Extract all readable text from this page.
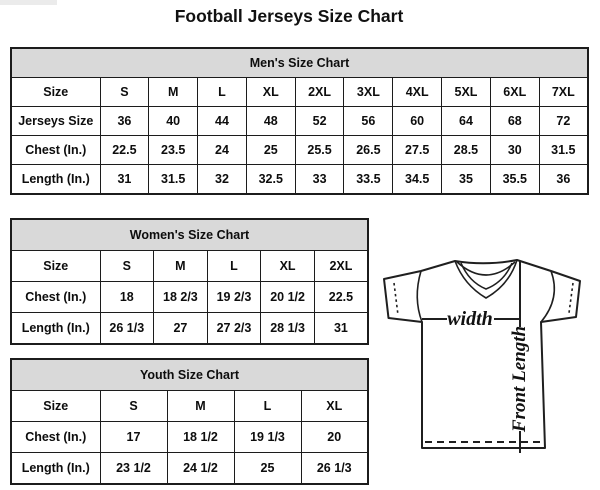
Football Jerseys Size Chart
Men's Size Chart										
Size	S	M	L	XL	2XL	3XL	4XL	5XL	6XL	7XL
Jerseys Size	36	40	44	48	52	56	60	64	68	72
Chest (In.)	22.5	23.5	24	25	25.5	26.5	27.5	28.5	30	31.5
Length (In.)	31	31.5	32	32.5	33	33.5	34.5	35	35.5	36
Women's Size Chart					
Size	S	M	L	XL	2XL
Chest (In.)	18	18 2/3	19 2/3	20 1/2	22.5
Length (In.)	26 1/3	27	27 2/3	28 1/3	31
Youth Size Chart				
Size	S	M	L	XL
Chest (In.)	17	18 1/2	19 1/3	20
Length (In.)	23 1/2	24 1/2	25	26 1/3
width
Front Length
